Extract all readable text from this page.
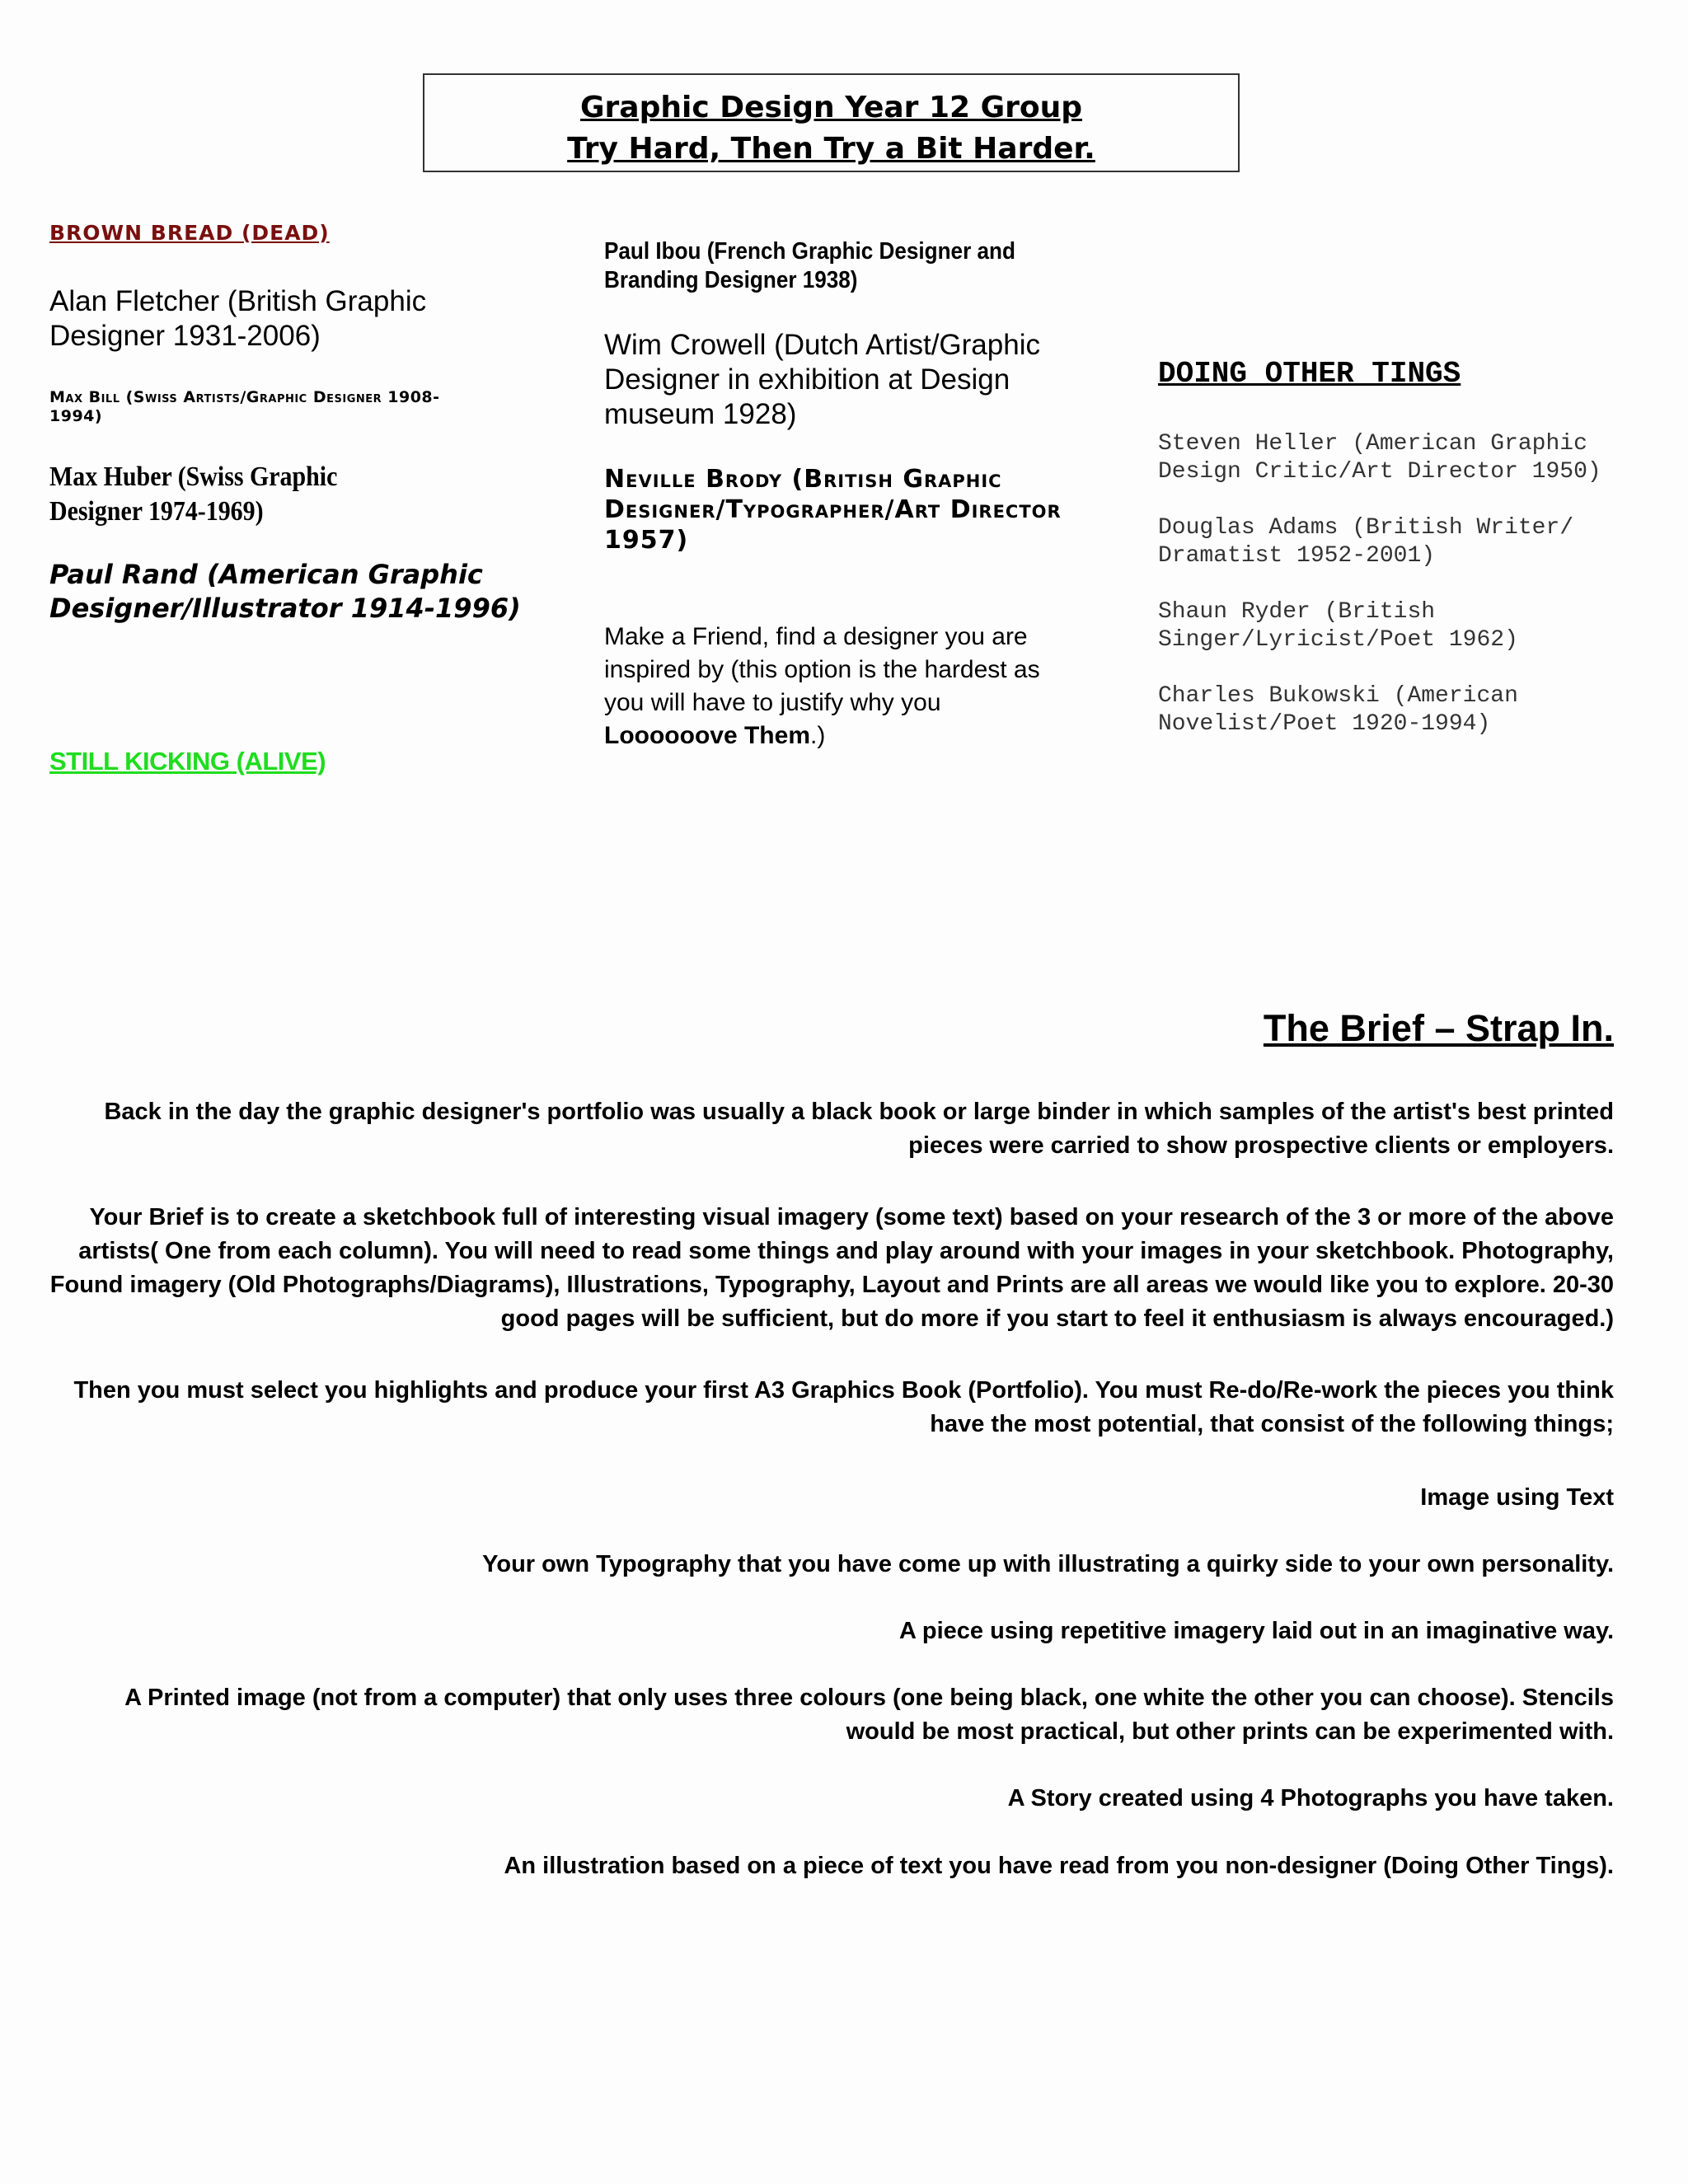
Graphic Design Year 12 Group
Try Hard, Then Try a Bit Harder.
BROWN BREAD (DEAD)
Alan Fletcher (British Graphic Designer 1931-2006)
Max Bill (Swiss Artists/Graphic Designer 1908-1994)
Max Huber (Swiss Graphic Designer 1974-1969)
Paul Rand (American Graphic Designer/Illustrator 1914-1996)
STILL KICKING (ALIVE)
Paul Ibou (French Graphic Designer and Branding Designer 1938)
Wim Crowell (Dutch Artist/Graphic Designer in exhibition at Design museum 1928)
Neville Brody (British Graphic Designer/Typographer/Art Director 1957)
Make a Friend, find a designer you are inspired by (this option is the hardest as you will have to justify why you Loooooove Them.)
DOING OTHER TINGS
Steven Heller (American Graphic Design Critic/Art Director 1950)
Douglas Adams (British Writer/ Dramatist 1952-2001)
Shaun Ryder (British Singer/Lyricist/Poet 1962)
Charles Bukowski (American Novelist/Poet 1920-1994)
The Brief – Strap In.
Back in the day the graphic designer's portfolio was usually a black book or large binder in which samples of the artist's best printed pieces were carried to show prospective clients or employers.
Your Brief is to create a sketchbook full of interesting visual imagery (some text) based on your research of the 3 or more of the above artists( One from each column). You will need to read some things and play around with your images in your sketchbook. Photography, Found imagery (Old Photographs/Diagrams), Illustrations, Typography, Layout and Prints are all areas we would like you to explore. 20-30 good pages will be sufficient, but do more if you start to feel it enthusiasm is always encouraged.)
Then you must select you highlights and produce your first A3 Graphics Book (Portfolio). You must Re-do/Re-work the pieces you think have the most potential, that consist of the following things;
Image using Text
Your own Typography that you have come up with illustrating a quirky side to your own personality.
A piece using repetitive imagery laid out in an imaginative way.
A Printed image (not from a computer) that only uses three colours (one being black, one white the other you can choose). Stencils would be most practical, but other prints can be experimented with.
A Story created using 4 Photographs you have taken.
An illustration based on a piece of text you have read from you non-designer (Doing Other Tings).
